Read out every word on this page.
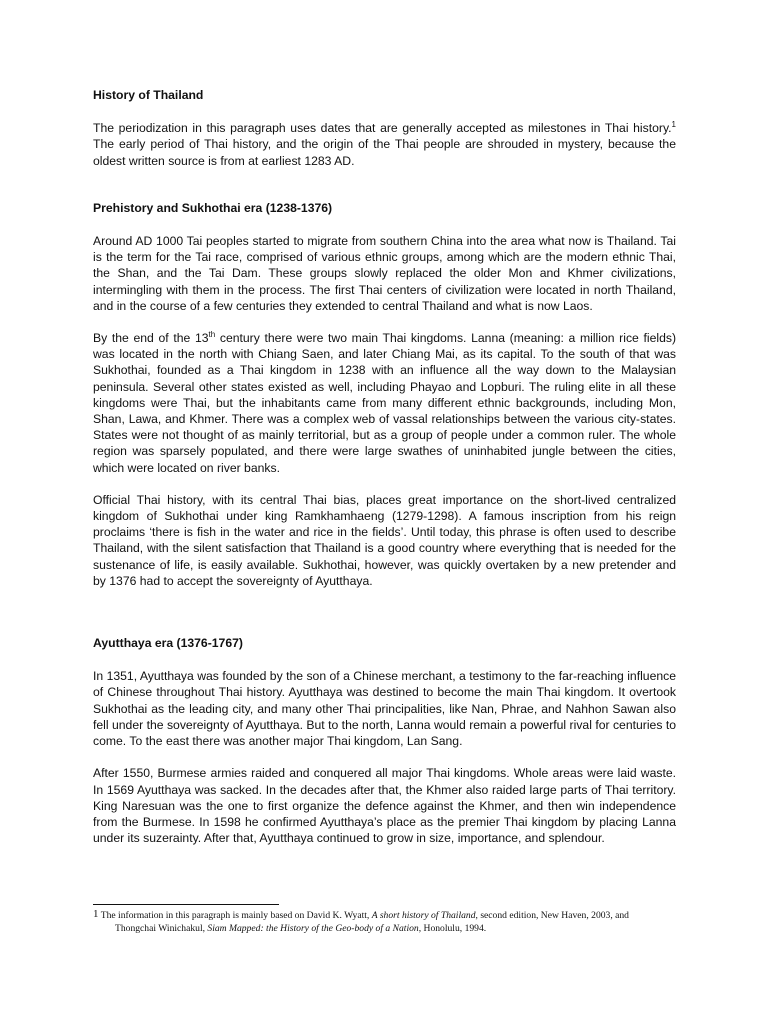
History of Thailand

The periodization in this paragraph uses dates that are generally accepted as milestones in Thai history.$^1$ The early period of Thai history, and the origin of the Thai people are shrouded in mystery, because the oldest written source is from at earliest 1283 AD.

Prehistory and Sukhothai era (1238-1376)

Around AD 1000 Tai peoples started to migrate from southern China into the area what now is Thailand. Tai is the term for the Tai race, comprised of various ethnic groups, among which are the modern ethnic Thai, the Shan, and the Tai Dam. These groups slowly replaced the older Mon and Khmer civilizations, intermingling with them in the process. The first Thai centers of civilization were located in north Thailand, and in the course of a few centuries they extended to central Thailand and what is now Laos.

By the end of the 13th century there were two main Thai kingdoms. Lanna (meaning: a million rice fields) was located in the north with Chiang Saen, and later Chiang Mai, as its capital. To the south of that was Sukhothai, founded as a Thai kingdom in 1238 with an influence all the way down to the Malaysian peninsula. Several other states existed as well, including Phayao and Lopburi. The ruling elite in all these kingdoms were Thai, but the inhabitants came from many different ethnic backgrounds, including Mon, Shan, Lawa, and Khmer. There was a complex web of vassal relationships between the various city-states. States were not thought of as mainly territorial, but as a group of people under a common ruler. The whole region was sparsely populated, and there were large swathes of uninhabited jungle between the cities, which were located on river banks.

Official Thai history, with its central Thai bias, places great importance on the short-lived centralized kingdom of Sukhothai under king Ramkhamhaeng (1279-1298). A famous inscription from his reign proclaims ‘there is fish in the water and rice in the fields’. Until today, this phrase is often used to describe Thailand, with the silent satisfaction that Thailand is a good country where everything that is needed for the sustenance of life, is easily available. Sukhothai, however, was quickly overtaken by a new pretender and by 1376 had to accept the sovereignty of Ayutthaya.

Ayutthaya era (1376-1767)

In 1351, Ayutthaya was founded by the son of a Chinese merchant, a testimony to the far-reaching influence of Chinese throughout Thai history. Ayutthaya was destined to become the main Thai kingdom. It overtook Sukhothai as the leading city, and many other Thai principalities, like Nan, Phrae, and Nahhon Sawan also fell under the sovereignty of Ayutthaya. But to the north, Lanna would remain a powerful rival for centuries to come. To the east there was another major Thai kingdom, Lan Sang.

After 1550, Burmese armies raided and conquered all major Thai kingdoms. Whole areas were laid waste. In 1569 Ayutthaya was sacked. In the decades after that, the Khmer also raided large parts of Thai territory. King Naresuan was the one to first organize the defence against the Khmer, and then win independence from the Burmese. In 1598 he confirmed Ayutthaya’s place as the premier Thai kingdom by placing Lanna under its suzerainty. After that, Ayutthaya continued to grow in size, importance, and splendour.

1 The information in this paragraph is mainly based on David K. Wyatt, A short history of Thailand, second edition, New Haven, 2003, and
Thongchai Winichakul, Siam Mapped: the History of the Geo-body of a Nation, Honolulu, 1994.
